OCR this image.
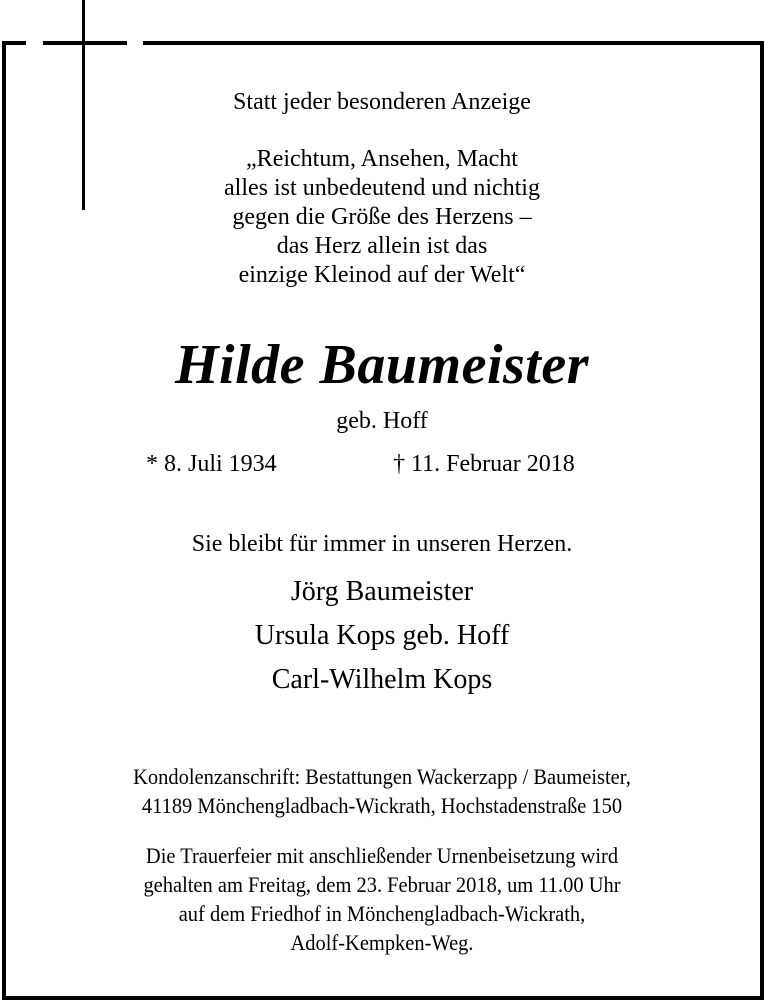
Statt jeder besonderen Anzeige
„Reichtum, Ansehen, Macht
alles ist unbedeutend und nichtig
gegen die Größe des Herzens –
das Herz allein ist das
einzige Kleinod auf der Welt“
Hilde Baumeister
geb. Hoff
* 8. Juli 1934	† 11. Februar 2018
Sie bleibt für immer in unseren Herzen.
Jörg Baumeister
Ursula Kops geb. Hoff
Carl-Wilhelm Kops
Kondolenzanschrift: Bestattungen Wackerzapp / Baumeister,
41189 Mönchengladbach-Wickrath, Hochstadenstraße 150
Die Trauerfeier mit anschließender Urnenbeisetzung wird
gehalten am Freitag, dem 23. Februar 2018, um 11.00 Uhr
auf dem Friedhof in Mönchengladbach-Wickrath,
Adolf-Kempken-Weg.
